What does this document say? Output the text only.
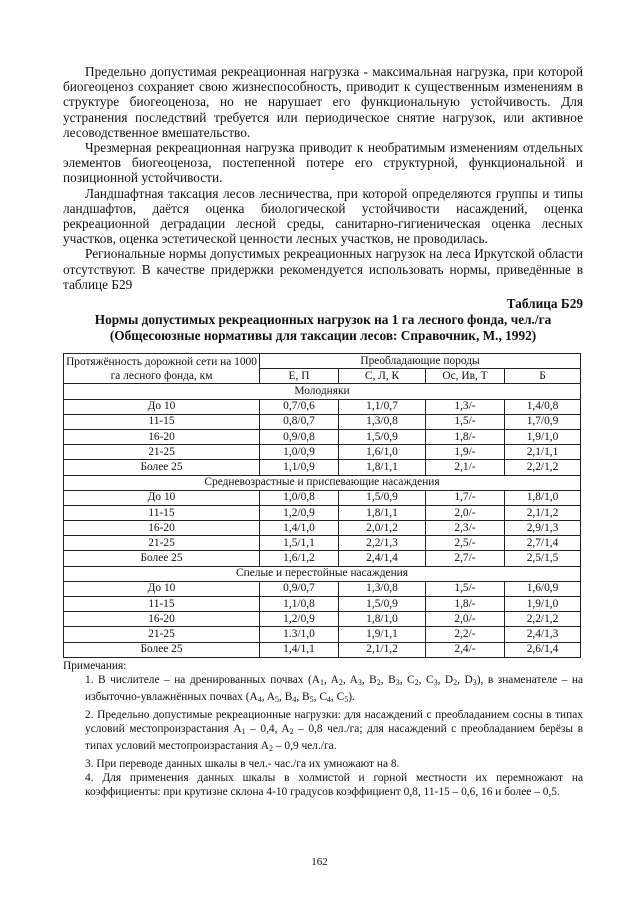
Предельно допустимая рекреационная нагрузка - максимальная нагрузка, при которой биогеоценоз сохраняет свою жизнеспособность, приводит к существенным изменениям в структуре биогеоценоза, но не нарушает его функциональную устойчивость. Для устранения последствий требуется или периодическое снятие нагрузок, или активное лесоводственное вмешательство.

Чрезмерная рекреационная нагрузка приводит к необратимым изменениям отдельных элементов биогеоценоза, постепенной потере его структурной, функциональной и позиционной устойчивости.

Ландшафтная таксация лесов лесничества, при которой определяются группы и типы ландшафтов, даётся оценка биологической устойчивости насаждений, оценка рекреационной деградации лесной среды, санитарно-гигиеническая оценка лесных участков, оценка эстетической ценности лесных участков, не проводилась.

Региональные нормы допустимых рекреационных нагрузок на леса Иркутской области отсутствуют. В качестве придержки рекомендуется использовать нормы, приведённые в таблице Б29

Таблица Б29
Нормы допустимых рекреационных нагрузок на 1 га лесного фонда, чел./га
(Общесоюзные нормативы для таксации лесов: Справочник, М., 1992)
Протяжённость дорожной сети на 1000 га лесного фонда, км	Преобладающие породы			
	Е, П	С, Л, К	Ос, Ив, Т	Б
Молодняки				
До 10	0,7/0,6	1,1/0,7	1,3/-	1,4/0,8
11-15	0,8/0,7	1,3/0,8	1,5/-	1,7/0,9
16-20	0,9/0,8	1,5/0,9	1,8/-	1,9/1,0
21-25	1,0/0,9	1,6/1,0	1,9/-	2,1/1,1
Более 25	1,1/0,9	1,8/1,1	2,1/-	2,2/1,2
Средневозрастные и приспевающие насаждения				
До 10	1,0/0,8	1,5/0,9	1,7/-	1,8/1,0
11-15	1,2/0,9	1,8/1,1	2,0/-	2,1/1,2
16-20	1,4/1,0	2,0/1,2	2,3/-	2,9/1,3
21-25	1,5/1,1	2,2/1,3	2,5/-	2,7/1,4
Более 25	1,6/1,2	2,4/1,4	2,7/-	2,5/1,5
Спелые и перестойные насаждения				
До 10	0,9/0,7	1,3/0,8	1,5/-	1,6/0,9
11-15	1,1/0,8	1,5/0,9	1,8/-	1,9/1,0
16-20	1,2/0,9	1,8/1,0	2,0/-	2,2/1,2
21-25	1.3/1,0	1,9/1,1	2,2/-	2,4/1,3
Более 25	1,4/1,1	2,1/1,2	2,4/-	2,6/1,4
Примечания:
1. В числителе – на дренированных почвах ($A_1$, $A_2$, $A_3$, $B_2$, $B_3$, $C_2$, $C_3$, $D_2$, $D_3$), в знаменателе – на избыточно-увлажнённых почвах ($A_4$, $A_5$, $B_4$, $B_5$, $C_4$, $C_5$).
2. Предельно допустимые рекреационные нагрузки: для насаждений с преобладанием сосны в типах условий местопроизрастания $A_1 - 0,4$, $A_2 - 0,8$ чел./га; для насаждений с преобладанием берёзы в типах условий местопроизрастания $A_2 - 0,9$ чел./га.
3. При переводе данных шкалы в чел.- час./га их умножают на 8.
4. Для применения данных шкалы в холмистой и горной местности их перемножают на коэффициенты: при крутизне склона 4-10 градусов коэффициент 0,8, 11-15 – 0,6, 16 и более – 0,5.
162
